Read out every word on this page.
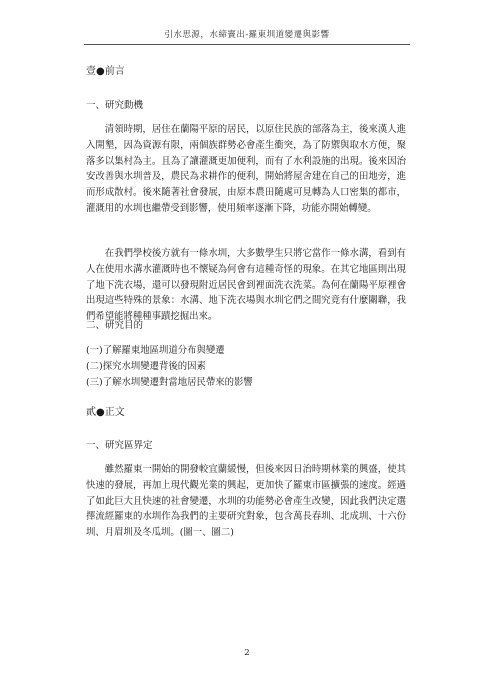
引水思源，水締竇出-羅東圳道變遷與影響

壹●前言

一、研究動機

清領時期，居住在蘭陽平原的居民，以原住民族的部落為主，後來漢人進入開墾，因為資源有限，兩個族群勢必會產生衝突，為了防禦與取水方便，聚落多以集村為主。且為了讓灌溉更加便利，而有了水利設施的出現。後來因治安改善與水圳普及，農民為求耕作的便利，開始將屋舍建在自己的田地旁，進而形成散村。後來隨著社會發展，由原本農田隨處可見轉為人口密集的都市，灌溉用的水圳也繼帶受到影響，使用頻率逐漸下降，功能亦開始轉變。

在我們學校後方就有一條水圳，大多數學生只將它當作一條水溝，看到有人在使用水溝水灌溉時也不懷疑為何會有這種奇怪的現象。在其它地區則出現了地下洗衣場，還可以發現附近居民會到裡面洗衣洗菜。為何在蘭陽平原裡會出現這些特殊的景象：水溝、地下洗衣場與水圳它們之間究竟有什麼關聯，我們希望能將種種事蹟挖掘出來。

二、研究目的

(一)了解羅東地區圳道分布與變遷
(二)探究水圳變遷背後的因素
(三)了解水圳變遷對當地居民帶來的影響

貳●正文

一、研究區界定

雖然羅東一開始的開發較宜蘭緩慢，但後來因日治時期林業的興盛，使其快速的發展，再加上現代觀光業的興起，更加快了羅東市區擴張的速度。經過了如此巨大且快速的社會變遷，水圳的功能勢必會產生改變，因此我們決定選擇流經羅東的水圳作為我們的主要研究對象，包含萬長春圳、北成圳、十六份圳、月眉圳及冬瓜圳。(圖一、圖二)

2
